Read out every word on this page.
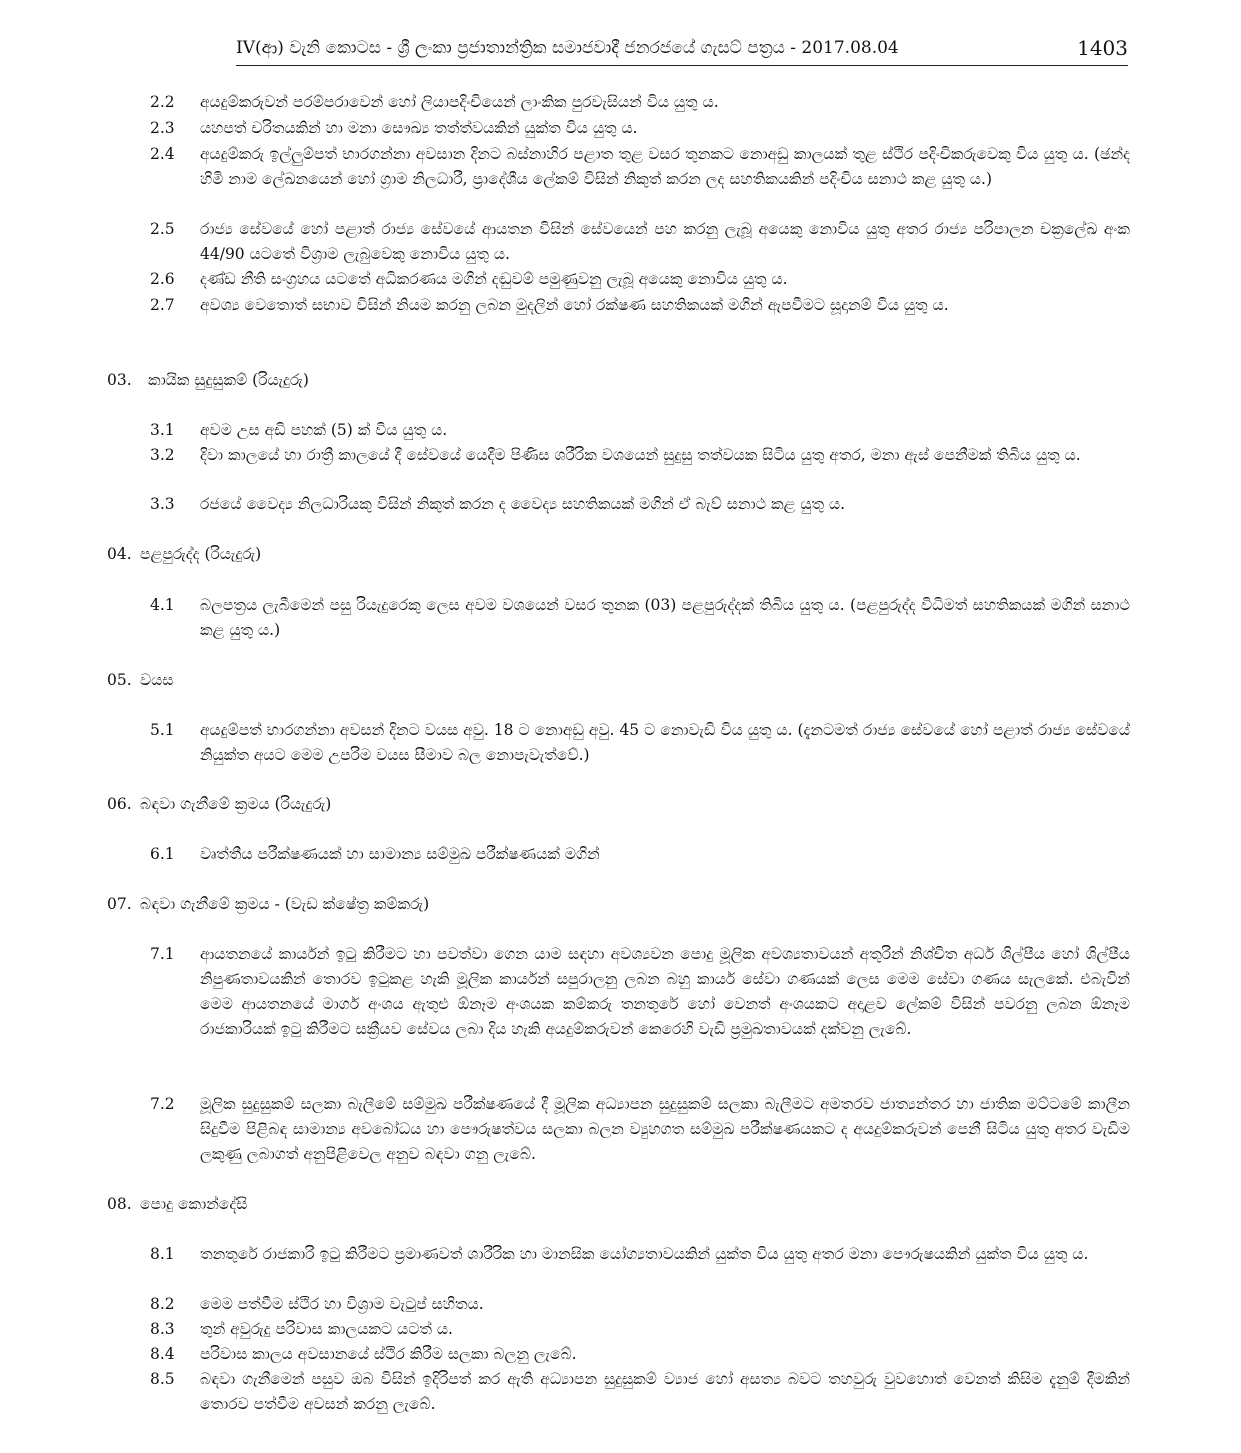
IV(ආ) වැනි කොටස - ශ්‍රී ලංකා ප්‍රජාතාන්ත්‍රික සමාජවාදී ජනරජයේ ගැසට් පත්‍රය - 2017.08.04	1403
2.2	අයදුම්කරුවන් පරම්පරාවෙන් හෝ ලියාපදිංචියෙන් ලාංකික පුරවැසියන් විය යුතු ය.
2.3	යහපත් චරිතයකින් හා මනා සෞඛ්‍ය තත්ත්වයකින් යුක්ත විය යුතු ය.
2.4	අයදුම්කරු ඉල්ලුම්පත් භාරගන්නා අවසාන දිනට බස්නාහිර පළාත තුළ වසර තුනකට නොඅඩු කාලයක් තුළ ස්ථිර පදිංචිකරුවෙකු විය යුතු ය. (ඡන්ද හිමි නාම ලේඛනයෙන් හෝ ග්‍රාම නිලධාරී, ප්‍රාදේශීය ලේකම් විසින් නිකුත් කරන ලද සහතිකයකින් පදිංචිය සනාථ කළ යුතු ය.)
2.5	රාජ්‍ය සේවයේ හෝ පළාත් රාජ්‍ය සේවයේ ආයතන විසින් සේවයෙන් පහ කරනු ලැබූ අයෙකු නොවිය යුතු අතර රාජ්‍ය පරිපාලන චක්‍රලේඛ අංක 44/90 යටතේ විශ්‍රාම ලැබුවෙකු නොවිය යුතු ය.
2.6	දණ්ඩ නීති සංග්‍රහය යටතේ අධිකරණය මගින් දඬුවම් පමුණුවනු ලැබූ අයෙකු නොවිය යුතු ය.
2.7	අවශ්‍ය වෙතොත් සභාව විසින් නියම කරනු ලබන මුදලින් හෝ රක්ෂණ සහතිකයක් මගින් ඇපවීමට සූදානම් විය යුතු ය.
03.	කායික සුදුසුකම් (රියැදුරු)
3.1	අවම උස අඩි පහක් (5) ක් විය යුතු ය.
3.2	දිවා කාලයේ හා රාත්‍රී කාලයේ දී සේවයේ යෙදීම පිණිස ශරීරික වශයෙන් සුදුසු තත්වයක සිටිය යුතු අතර, මනා ඇස් පෙනීමක් තිබිය යුතු ය.
3.3	රජයේ වෛද්‍ය නිලධාරියකු විසින් නිකුත් කරන ද වෛද්‍ය සහතිකයක් මගින් ඒ බැව් සනාථ කළ යුතු ය.
04. පළපුරුද්ද (රියැදුරු)
4.1	බලපත්‍රය ලැබීමෙන් පසු රියැදුරෙකු ලෙස අවම වශයෙන් වසර තුනක (03) පළපුරුද්දක් තිබිය යුතු ය. (පළපුරුද්ද විධිමත් සහතිකයක් මගින් සනාථ කළ යුතු ය.)
05. වයස
5.1	අයදුම්පත් භාරගන්නා අවසන් දිනට වයස අවු. 18 ට නොඅඩු අවු. 45 ට නොවැඩි විය යුතු ය. (දැනටමත් රාජ්‍ය සේවයේ හෝ පළාත් රාජ්‍ය සේවයේ නියුක්ත අයට මෙම උපරිම වයස සීමාව බල නොපැවැත්වේ.)
06. බඳවා ගැනීමේ ක්‍රමය (රියැදුරු)
6.1	වෘත්තීය පරීක්ෂණයක් හා සාමාන්‍ය සම්මුඛ පරීක්ෂණයක් මගින්
07. බඳවා ගැනීමේ ක්‍රමය - (වැඩ ක්ෂේත්‍ර කම්කරු)
7.1	ආයතනයේ කාර්යන් ඉටු කිරීමට හා පවත්වා ගෙන යාම සඳහා අවශ්‍යවන පොදු මූලික අවශ්‍යතාවයන් අතුරින් නිශ්චිත අර්ධ ශිල්පීය හෝ ශිල්පීය නිපුණතාවයකින් තොරව ඉටුකළ හැකි මූලික කාර්යන් සපුරාලනු ලබන බහු කාර්ය සේවා ගණයක් ලෙස මෙම සේවා ගණය සැලකේ. එබැවින් මෙම ආයතනයේ මාර්ග අංශය ඇතුළු ඕනෑම අංශයක කම්කරු තනතුරේ හෝ වෙනත් අංශයකට අදාළව ලේකම් විසින් පවරනු ලබන ඕනෑම රාජකාරියක් ඉටු කිරීමට සක්‍රීයව සේවය ලබා දිය හැකි අයදුම්කරුවන් කෙරෙහි වැඩි ප්‍රමුඛතාවයක් දක්වනු ලැබේ.
7.2	මූලික සුදුසුකම් සලකා බැලීමේ සම්මුඛ පරීක්ෂණයේ දී මූලික අධ්‍යාපන සුදුසුකම් සලකා බැලීමට අමතරව ජාත්‍යන්තර හා ජාතික මට්ටමේ කාලීන සිදුවීම පිළිබඳ සාමාන්‍ය අවබෝධය හා පෞරුෂත්වය සලකා බලන ව්‍යුහගත සම්මුඛ පරීක්ෂණයකට ද අයදුම්කරුවන් පෙනී සිටිය යුතු අතර වැඩිම ලකුණු ලබාගත් අනුපිළිවෙල අනුව බඳවා ගනු ලැබේ.
08. පොදු කොන්දේසි
8.1	තනතුරේ රාජකාරි ඉටු කිරීමට ප්‍රමාණවත් ශාරීරික හා මානසික යෝග්‍යතාවයකින් යුක්ත විය යුතු අතර මනා පෞරුෂයකින් යුක්ත විය යුතු ය.
8.2	මෙම පත්වීම ස්ථිර හා විශ්‍රාම වැටුප් සහිතය.
8.3	තුන් අවුරුදු පරිවාස කාලයකට යටත් ය.
8.4	පරිවාස කාලය අවසානයේ ස්ථිර කිරීම සලකා බලනු ලැබේ.
8.5	බඳවා ගැනීමෙන් පසුව ඔබ විසින් ඉදිරිපත් කර ඇති අධ්‍යාපන සුදුසුකම් ව්‍යාජ හෝ අසත්‍ය බවට තහවුරු වුවහොත් වෙනත් කිසිම දැනුම් දීමකින් තොරව පත්වීම අවසන් කරනු ලැබේ.
